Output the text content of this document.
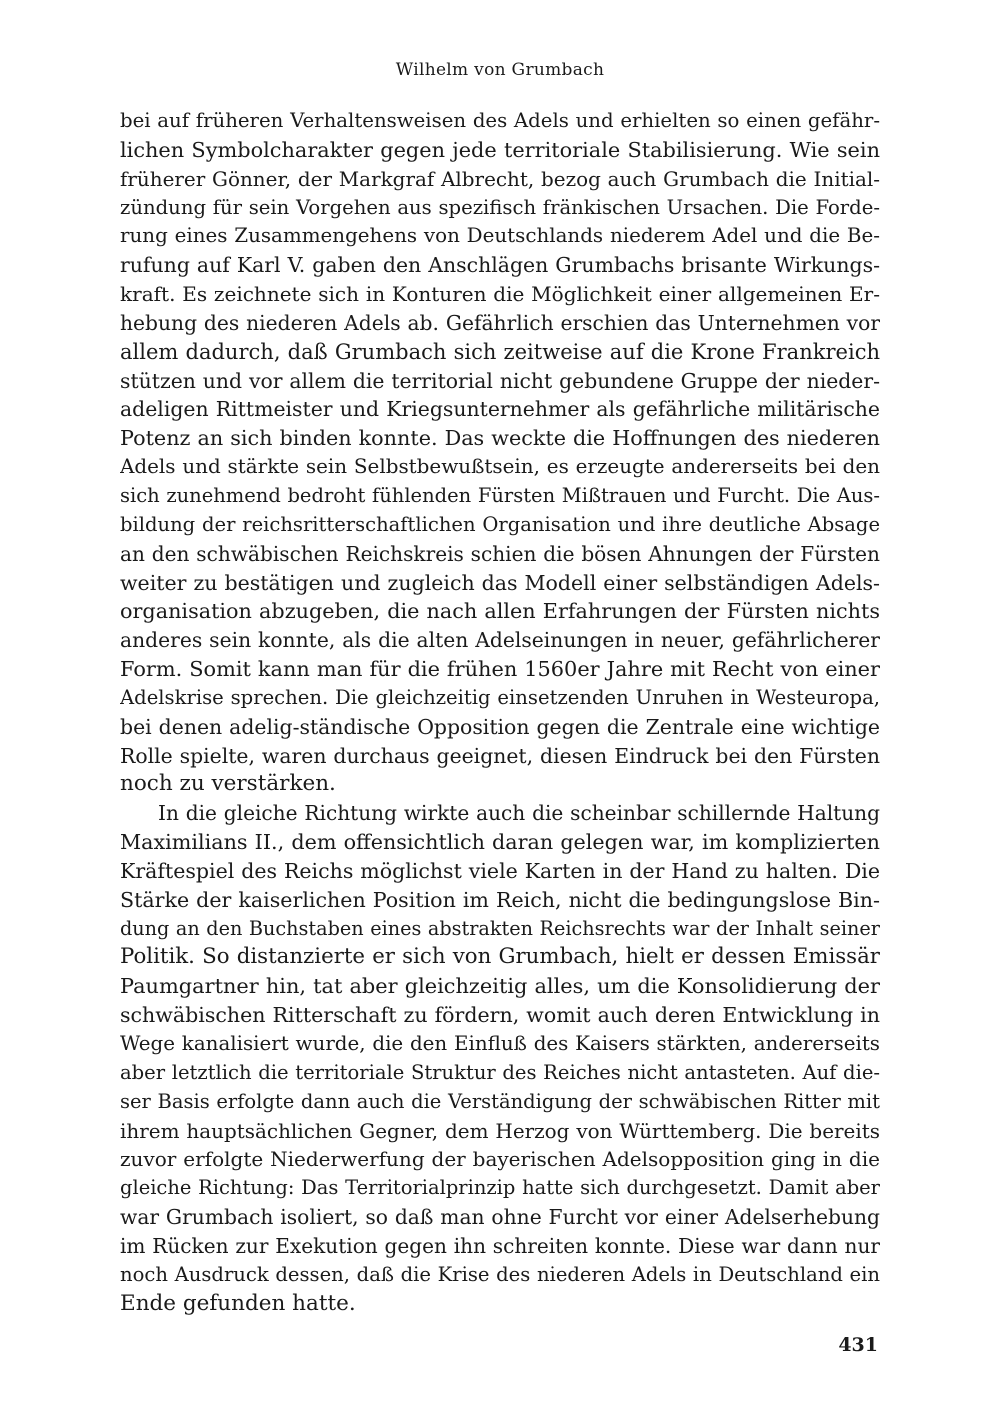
Wilhelm von Grumbach
bei auf früheren Verhaltensweisen des Adels und erhielten so einen gefähr-
lichen Symbolcharakter gegen jede territoriale Stabilisierung. Wie sein
früherer Gönner, der Markgraf Albrecht, bezog auch Grumbach die Initial-
zündung für sein Vorgehen aus spezifisch fränkischen Ursachen. Die Forde-
rung eines Zusammengehens von Deutschlands niederem Adel und die Be-
rufung auf Karl V. gaben den Anschlägen Grumbachs brisante Wirkungs-
kraft. Es zeichnete sich in Konturen die Möglichkeit einer allgemeinen Er-
hebung des niederen Adels ab. Gefährlich erschien das Unternehmen vor
allem dadurch, daß Grumbach sich zeitweise auf die Krone Frankreich
stützen und vor allem die territorial nicht gebundene Gruppe der nieder-
adeligen Rittmeister und Kriegsunternehmer als gefährliche militärische
Potenz an sich binden konnte. Das weckte die Hoffnungen des niederen
Adels und stärkte sein Selbstbewußtsein, es erzeugte andererseits bei den
sich zunehmend bedroht fühlenden Fürsten Mißtrauen und Furcht. Die Aus-
bildung der reichsritterschaftlichen Organisation und ihre deutliche Absage
an den schwäbischen Reichskreis schien die bösen Ahnungen der Fürsten
weiter zu bestätigen und zugleich das Modell einer selbständigen Adels-
organisation abzugeben, die nach allen Erfahrungen der Fürsten nichts
anderes sein konnte, als die alten Adelseinungen in neuer, gefährlicherer
Form. Somit kann man für die frühen 1560er Jahre mit Recht von einer
Adelskrise sprechen. Die gleichzeitig einsetzenden Unruhen in Westeuropa,
bei denen adelig-ständische Opposition gegen die Zentrale eine wichtige
Rolle spielte, waren durchaus geeignet, diesen Eindruck bei den Fürsten
noch zu verstärken.
In die gleiche Richtung wirkte auch die scheinbar schillernde Haltung
Maximilians II., dem offensichtlich daran gelegen war, im komplizierten
Kräftespiel des Reichs möglichst viele Karten in der Hand zu halten. Die
Stärke der kaiserlichen Position im Reich, nicht die bedingungslose Bin-
dung an den Buchstaben eines abstrakten Reichsrechts war der Inhalt seiner
Politik. So distanzierte er sich von Grumbach, hielt er dessen Emissär
Paumgartner hin, tat aber gleichzeitig alles, um die Konsolidierung der
schwäbischen Ritterschaft zu fördern, womit auch deren Entwicklung in
Wege kanalisiert wurde, die den Einfluß des Kaisers stärkten, andererseits
aber letztlich die territoriale Struktur des Reiches nicht antasteten. Auf die-
ser Basis erfolgte dann auch die Verständigung der schwäbischen Ritter mit
ihrem hauptsächlichen Gegner, dem Herzog von Württemberg. Die bereits
zuvor erfolgte Niederwerfung der bayerischen Adelsopposition ging in die
gleiche Richtung: Das Territorialprinzip hatte sich durchgesetzt. Damit aber
war Grumbach isoliert, so daß man ohne Furcht vor einer Adelserhebung
im Rücken zur Exekution gegen ihn schreiten konnte. Diese war dann nur
noch Ausdruck dessen, daß die Krise des niederen Adels in Deutschland ein
Ende gefunden hatte.
431
